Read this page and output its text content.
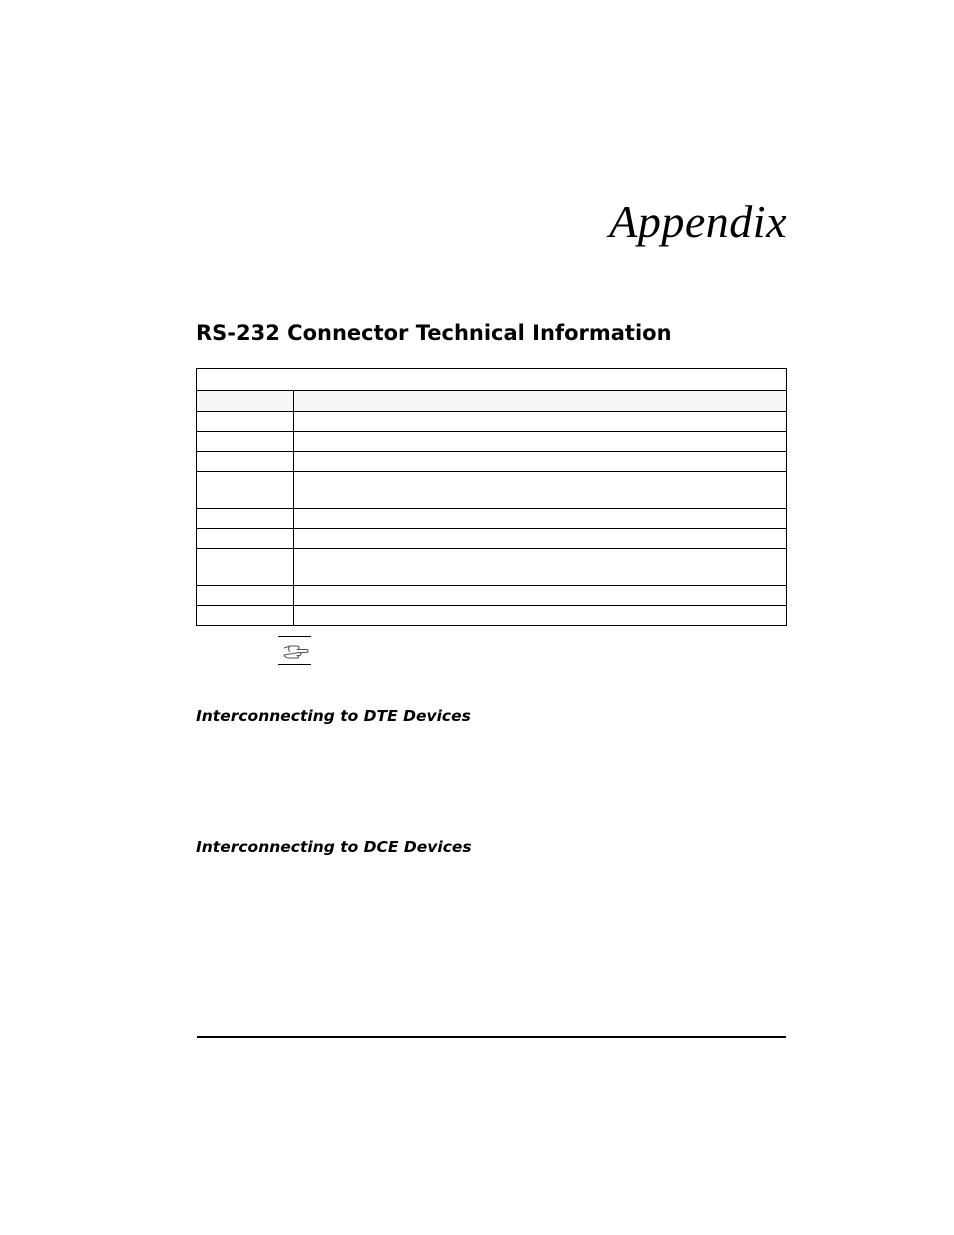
Appendix
RS-232 Connector Technical Information

Interconnecting to DTE Devices
Interconnecting to DCE Devices
